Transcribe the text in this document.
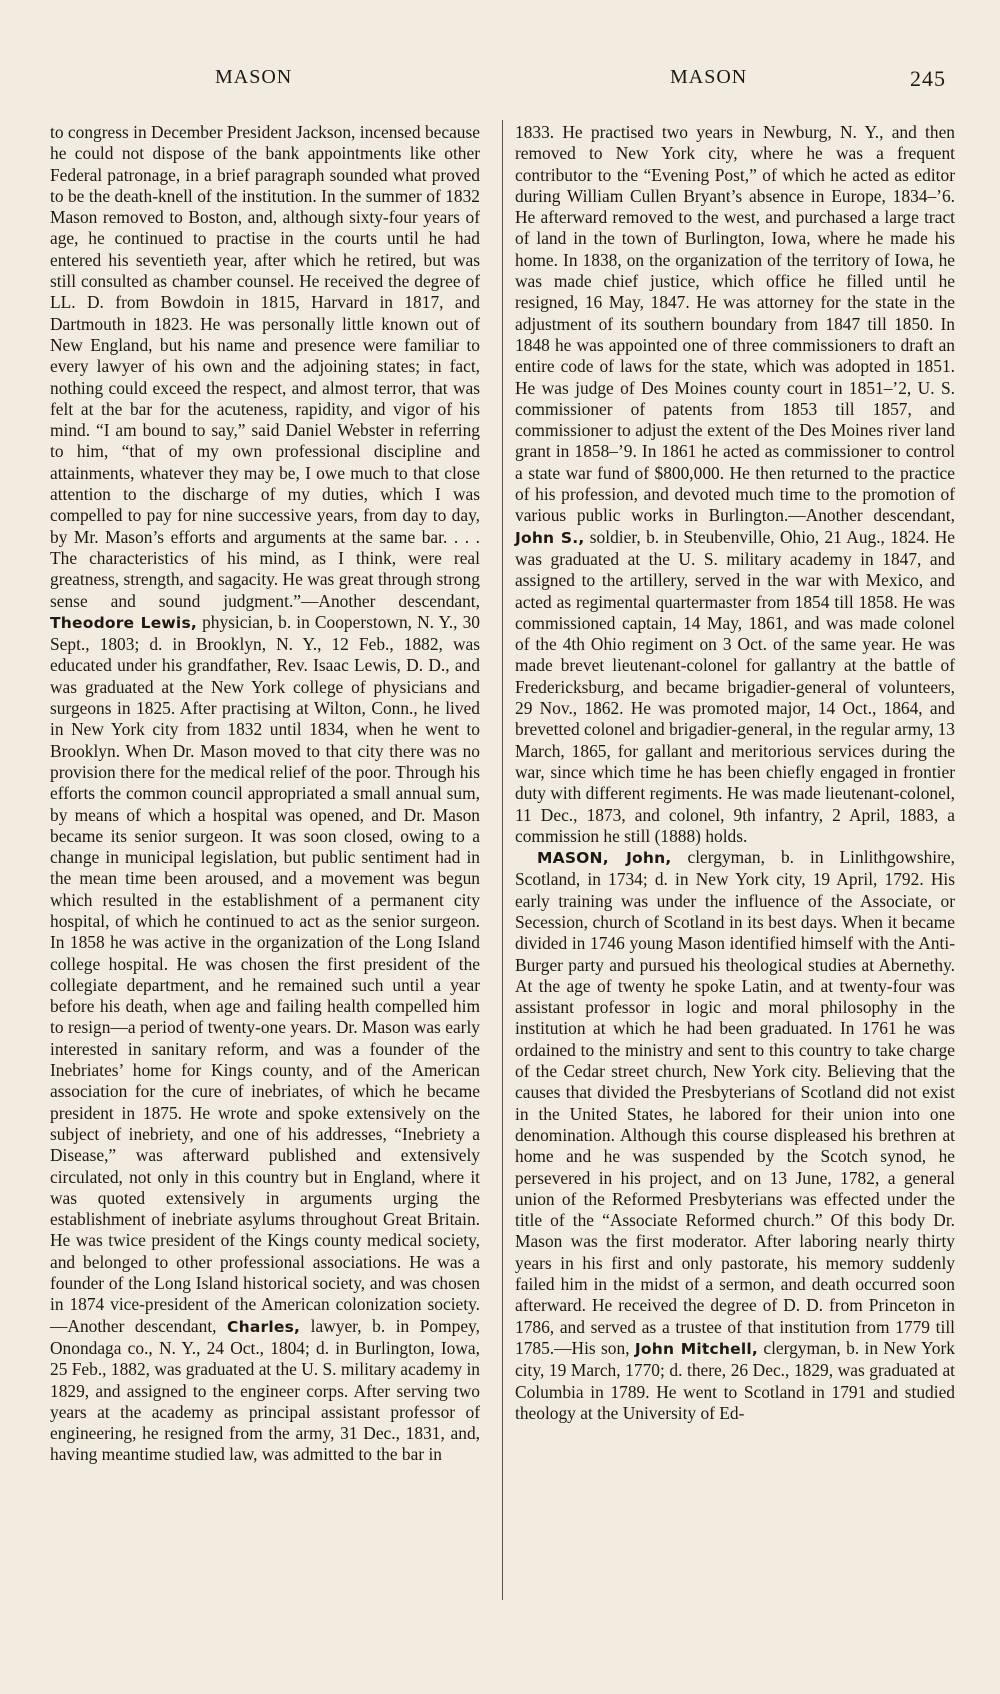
MASON	MASON	245

to congress in December President Jackson, incensed because he could not dispose of the bank appointments like other Federal patronage, in a brief paragraph sounded what proved to be the death-knell of the institution. In the summer of 1832 Mason removed to Boston, and, although sixty-four years of age, he continued to practise in the courts until he had entered his seventieth year, after which he retired, but was still consulted as chamber counsel. He received the degree of LL. D. from Bowdoin in 1815, Harvard in 1817, and Dartmouth in 1823. He was personally little known out of New England, but his name and presence were familiar to every lawyer of his own and the adjoining states; in fact, nothing could exceed the respect, and almost terror, that was felt at the bar for the acuteness, rapidity, and vigor of his mind. “I am bound to say,” said Daniel Webster in referring to him, “that of my own professional discipline and attainments, whatever they may be, I owe much to that close attention to the discharge of my duties, which I was compelled to pay for nine successive years, from day to day, by Mr. Mason’s efforts and arguments at the same bar. . . . The characteristics of his mind, as I think, were real greatness, strength, and sagacity. He was great through strong sense and sound judgment.”—Another descendant, Theodore Lewis, physician, b. in Cooperstown, N. Y., 30 Sept., 1803; d. in Brooklyn, N. Y., 12 Feb., 1882, was educated under his grandfather, Rev. Isaac Lewis, D. D., and was graduated at the New York college of physicians and surgeons in 1825. After practising at Wilton, Conn., he lived in New York city from 1832 until 1834, when he went to Brooklyn. When Dr. Mason moved to that city there was no provision there for the medical relief of the poor. Through his efforts the common council appropriated a small annual sum, by means of which a hospital was opened, and Dr. Mason became its senior surgeon. It was soon closed, owing to a change in municipal legislation, but public sentiment had in the mean time been aroused, and a movement was begun which resulted in the establishment of a permanent city hospital, of which he continued to act as the senior surgeon. In 1858 he was active in the organization of the Long Island college hospital. He was chosen the first president of the collegiate department, and he remained such until a year before his death, when age and failing health compelled him to resign—a period of twenty-one years. Dr. Mason was early interested in sanitary reform, and was a founder of the Inebriates’ home for Kings county, and of the American association for the cure of inebriates, of which he became president in 1875. He wrote and spoke extensively on the subject of inebriety, and one of his addresses, “Inebriety a Disease,” was afterward published and extensively circulated, not only in this country but in England, where it was quoted extensively in arguments urging the establishment of inebriate asylums throughout Great Britain. He was twice president of the Kings county medical society, and belonged to other professional associations. He was a founder of the Long Island historical society, and was chosen in 1874 vice-president of the American colonization society.—Another descendant, Charles, lawyer, b. in Pompey, Onondaga co., N. Y., 24 Oct., 1804; d. in Burlington, Iowa, 25 Feb., 1882, was graduated at the U. S. military academy in 1829, and assigned to the engineer corps. After serving two years at the academy as principal assistant professor of engineering, he resigned from the army, 31 Dec., 1831, and, having meantime studied law, was admitted to the bar in

1833. He practised two years in Newburg, N. Y., and then removed to New York city, where he was a frequent contributor to the “Evening Post,” of which he acted as editor during William Cullen Bryant’s absence in Europe, 1834–’6. He afterward removed to the west, and purchased a large tract of land in the town of Burlington, Iowa, where he made his home. In 1838, on the organization of the territory of Iowa, he was made chief justice, which office he filled until he resigned, 16 May, 1847. He was attorney for the state in the adjustment of its southern boundary from 1847 till 1850. In 1848 he was appointed one of three commissioners to draft an entire code of laws for the state, which was adopted in 1851. He was judge of Des Moines county court in 1851–’2, U. S. commissioner of patents from 1853 till 1857, and commissioner to adjust the extent of the Des Moines river land grant in 1858–’9. In 1861 he acted as commissioner to control a state war fund of $800,000. He then returned to the practice of his profession, and devoted much time to the promotion of various public works in Burlington.—Another descendant, John S., soldier, b. in Steubenville, Ohio, 21 Aug., 1824. He was graduated at the U. S. military academy in 1847, and assigned to the artillery, served in the war with Mexico, and acted as regimental quartermaster from 1854 till 1858. He was commissioned captain, 14 May, 1861, and was made colonel of the 4th Ohio regiment on 3 Oct. of the same year. He was made brevet lieutenant-colonel for gallantry at the battle of Fredericksburg, and became brigadier-general of volunteers, 29 Nov., 1862. He was promoted major, 14 Oct., 1864, and brevetted colonel and brigadier-general, in the regular army, 13 March, 1865, for gallant and meritorious services during the war, since which time he has been chiefly engaged in frontier duty with different regiments. He was made lieutenant-colonel, 11 Dec., 1873, and colonel, 9th infantry, 2 April, 1883, a commission he still (1888) holds.

MASON, John, clergyman, b. in Linlithgowshire, Scotland, in 1734; d. in New York city, 19 April, 1792. His early training was under the influence of the Associate, or Secession, church of Scotland in its best days. When it became divided in 1746 young Mason identified himself with the Anti-Burger party and pursued his theological studies at Abernethy. At the age of twenty he spoke Latin, and at twenty-four was assistant professor in logic and moral philosophy in the institution at which he had been graduated. In 1761 he was ordained to the ministry and sent to this country to take charge of the Cedar street church, New York city. Believing that the causes that divided the Presbyterians of Scotland did not exist in the United States, he labored for their union into one denomination. Although this course displeased his brethren at home and he was suspended by the Scotch synod, he persevered in his project, and on 13 June, 1782, a general union of the Reformed Presbyterians was effected under the title of the “Associate Reformed church.” Of this body Dr. Mason was the first moderator. After laboring nearly thirty years in his first and only pastorate, his memory suddenly failed him in the midst of a sermon, and death occurred soon afterward. He received the degree of D. D. from Princeton in 1786, and served as a trustee of that institution from 1779 till 1785.—His son, John Mitchell, clergyman, b. in New York city, 19 March, 1770; d. there, 26 Dec., 1829, was graduated at Columbia in 1789. He went to Scotland in 1791 and studied theology at the University of Ed-
